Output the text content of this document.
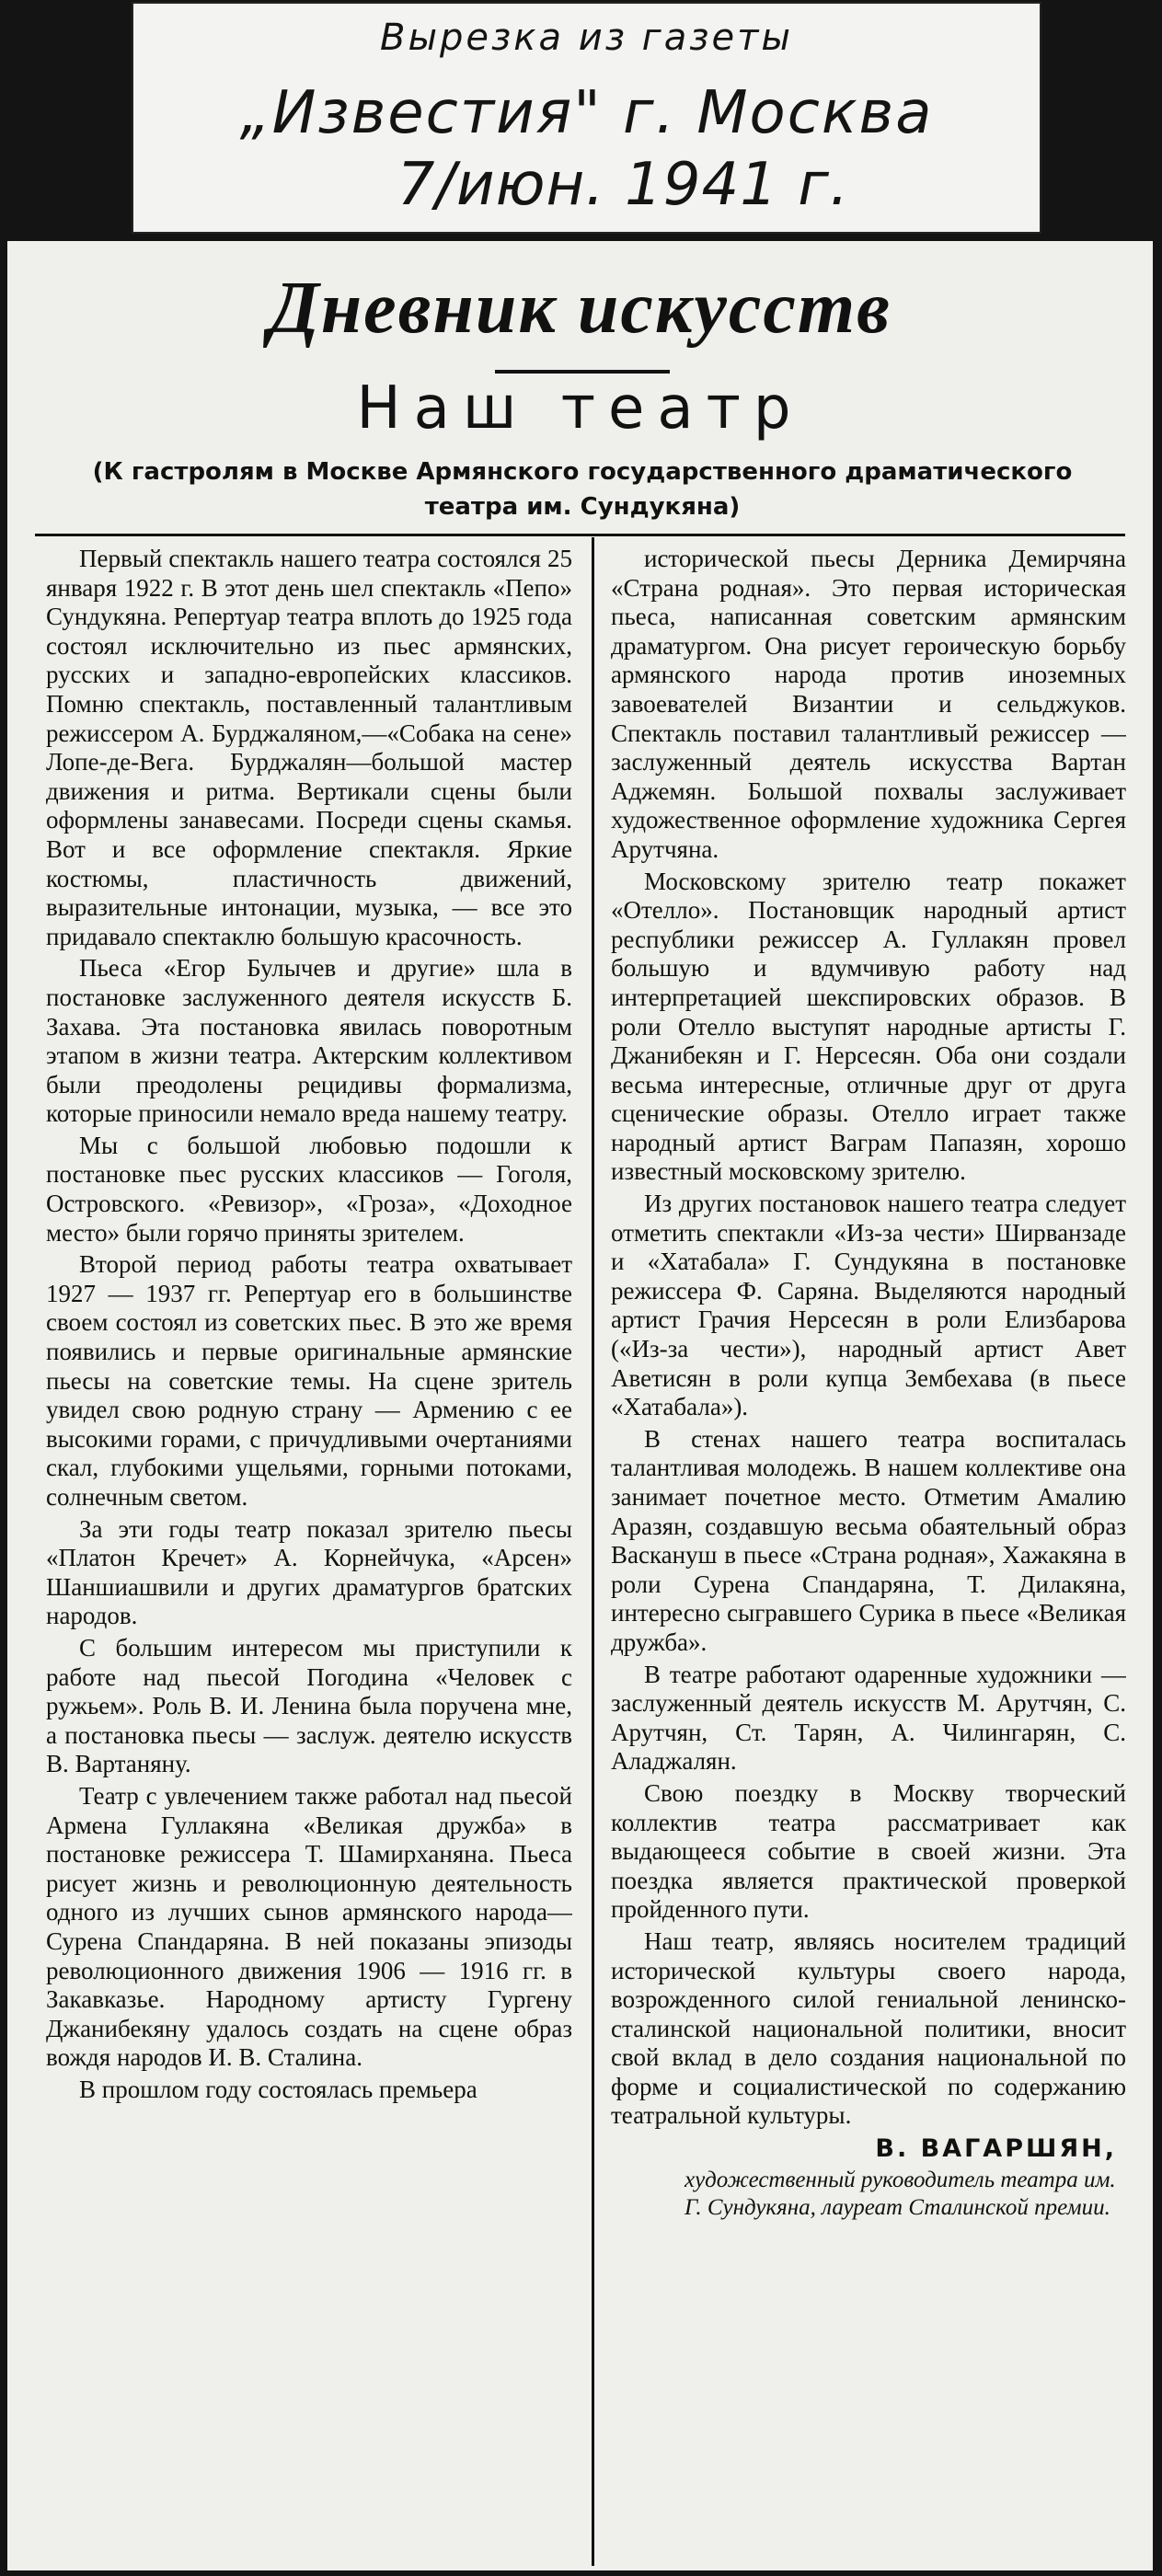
Вырезка из газеты
„Известия" г. Москва
7/июн. 1941 г.
Дневник искусств
Наш театр
(К гастролям в Москве Армянского государственного драматического театра им. Сундукяна)

Первый спектакль нашего театра состоялся 25 января 1922 г. В этот день шел спектакль «Пепо» Сундукяна. Репертуар театра вплоть до 1925 года состоял исключительно из пьес армянских, русских и западно-европейских классиков. Помню спектакль, поставленный талантливым режиссером А. Бурджаляном,—«Собака на сене» Лопе-де-Вега. Бурджалян—большой мастер движения и ритма. Вертикали сцены были оформлены занавесами. Посреди сцены скамья. Вот и все оформление спектакля. Яркие костюмы, пластичность движений, выразительные интонации, музыка, — все это придавало спектаклю большую красочность.

Пьеса «Егор Булычев и другие» шла в постановке заслуженного деятеля искусств Б. Захава. Эта постановка явилась поворотным этапом в жизни театра. Актерским коллективом были преодолены рецидивы формализма, которые приносили немало вреда нашему театру.

Мы с большой любовью подошли к постановке пьес русских классиков — Гоголя, Островского. «Ревизор», «Гроза», «Доходное место» были горячо приняты зрителем.

Второй период работы театра охватывает 1927 — 1937 гг. Репертуар его в большинстве своем состоял из советских пьес. В это же время появились и первые оригинальные армянские пьесы на советские темы. На сцене зритель увидел свою родную страну — Армению с ее высокими горами, с причудливыми очертаниями скал, глубокими ущельями, горными потоками, солнечным светом.

За эти годы театр показал зрителю пьесы «Платон Кречет» А. Корнейчука, «Арсен» Шаншиашвили и других драматургов братских народов.

С большим интересом мы приступили к работе над пьесой Погодина «Человек с ружьем». Роль В. И. Ленина была поручена мне, а постановка пьесы — заслуж. деятелю искусств В. Вартаняну.

Театр с увлечением также работал над пьесой Армена Гуллакяна «Великая дружба» в постановке режиссера Т. Шамирханяна. Пьеса рисует жизнь и революционную деятельность одного из лучших сынов армянского народа— Сурена Спандаряна. В ней показаны эпизоды революционного движения 1906 — 1916 гг. в Закавказье. Народному артисту Гургену Джанибекяну удалось создать на сцене образ вождя народов И. В. Сталина.

В прошлом году состоялась премьера

исторической пьесы Дерника Демирчяна «Страна родная». Это первая историческая пьеса, написанная советским армянским драматургом. Она рисует героическую борьбу армянского народа против иноземных завоевателей Византии и сельджуков. Спектакль поставил талантливый режиссер — заслуженный деятель искусства Вартан Аджемян. Большой похвалы заслуживает художественное оформление художника Сергея Арутчяна.

Московскому зрителю театр покажет «Отелло». Постановщик народный артист республики режиссер А. Гуллакян провел большую и вдумчивую работу над интерпретацией шекспировских образов. В роли Отелло выступят народные артисты Г. Джанибекян и Г. Нерсесян. Оба они создали весьма интересные, отличные друг от друга сценические образы. Отелло играет также народный артист Ваграм Папазян, хорошо известный московскому зрителю.

Из других постановок нашего театра следует отметить спектакли «Из-за чести» Ширванзаде и «Хатабала» Г. Сундукяна в постановке режиссера Ф. Саряна. Выделяются народный артист Грачия Нерсесян в роли Елизбарова («Из-за чести»), народный артист Авет Аветисян в роли купца Зембехава (в пьесе «Хатабала»).

В стенах нашего театра воспиталась талантливая молодежь. В нашем коллективе она занимает почетное место. Отметим Амалию Аразян, создавшую весьма обаятельный образ Васкануш в пьесе «Страна родная», Хажакяна в роли Сурена Спандаряна, Т. Дилакяна, интересно сыгравшего Сурика в пьесе «Великая дружба».

В театре работают одаренные художники — заслуженный деятель искусств М. Арутчян, С. Арутчян, Ст. Тарян, А. Чилингарян, С. Аладжалян.

Свою поездку в Москву творческий коллектив театра рассматривает как выдающееся событие в своей жизни. Эта поездка является практической проверкой пройденного пути.

Наш театр, являясь носителем традиций исторической культуры своего народа, возрожденного силой гениальной ленинско-сталинской национальной политики, вносит свой вклад в дело создания национальной по форме и социалистической по содержанию театральной культуры.

В. ВАГАРШЯН,

художественный руководитель театра им. Г. Сундукяна, лауреат Сталинской премии.
